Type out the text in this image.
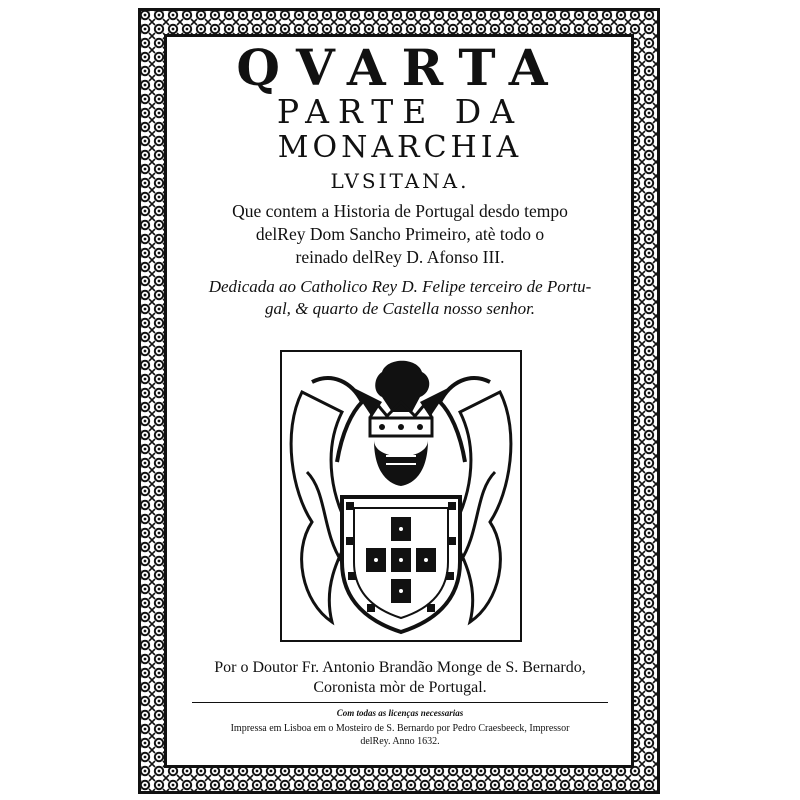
QVARTA
PARTE DA
MONARCHIA
LVSITANA.
Que contem a Historia de Portugal desdo tempo
delRey Dom Sancho Primeiro, atè todo o
reinado delRey D. Afonso III.
Dedicada ao Catholico Rey D. Felipe terceiro de Portu-
gal, & quarto de Castella nosso senhor.
Por o Doutor Fr. Antonio Brandão Monge de S. Bernardo,
Coronista mòr de Portugal.
Com todas as licenças necessarias
Impressa em Lisboa em o Mosteiro de S. Bernardo por Pedro Craesbeeck, Impressor
delRey. Anno 1632.
